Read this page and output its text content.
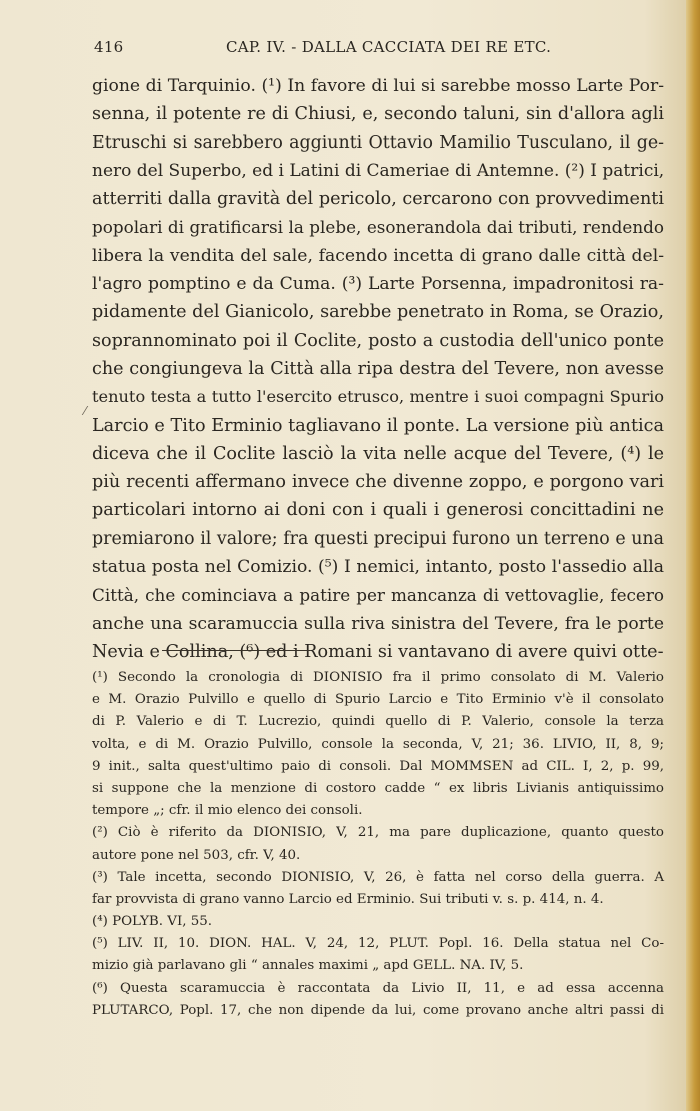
416	CAP. IV. - DALLA CACCIATA DEI RE ETC.
gione di Tarquinio. (¹) In favore di lui si sarebbe mosso Larte Por-
senna, il potente re di Chiusi, e, secondo taluni, sin d'allora agli
Etruschi si sarebbero aggiunti Ottavio Mamilio Tusculano, il ge-
nero del Superbo, ed i Latini di Cameriae di Antemne. (²) I patrici,
atterriti dalla gravità del pericolo, cercarono con provvedimenti
popolari di gratificarsi la plebe, esonerandola dai tributi, rendendo
libera la vendita del sale, facendo incetta di grano dalle città del-
l'agro pomptino e da Cuma. (³) Larte Porsenna, impadronitosi ra-
pidamente del Gianicolo, sarebbe penetrato in Roma, se Orazio,
soprannominato poi il Coclite, posto a custodia dell'unico ponte
che congiungeva la Città alla ripa destra del Tevere, non avesse
tenuto testa a tutto l'esercito etrusco, mentre i suoi compagni Spurio
Larcio e Tito Erminio tagliavano il ponte. La versione più antica
diceva che il Coclite lasciò la vita nelle acque del Tevere, (⁴) le
più recenti affermano invece che divenne zoppo, e porgono vari
particolari intorno ai doni con i quali i generosi concittadini ne
premiarono il valore; fra questi precipui furono un terreno e una
statua posta nel Comizio. (⁵) I nemici, intanto, posto l'assedio alla
Città, che cominciava a patire per mancanza di vettovaglie, fecero
anche una scaramuccia sulla riva sinistra del Tevere, fra le porte
Nevia e Collina, (⁶) ed i Romani si vantavano di avere quivi otte-
⁄
(¹) Secondo la cronologia di DIONISIO fra il primo consolato di M. Valerio
e M. Orazio Pulvillo e quello di Spurio Larcio e Tito Erminio v'è il consolato
di P. Valerio e di T. Lucrezio, quindi quello di P. Valerio, console la terza
volta, e di M. Orazio Pulvillo, console la seconda, V, 21; 36. LIVIO, II, 8, 9;
9 init., salta quest'ultimo paio di consoli. Dal MOMMSEN ad CIL. I, 2, p. 99,
si suppone che la menzione di costoro cadde “ ex libris Livianis antiquissimo
tempore „; cfr. il mio elenco dei consoli.
(²) Ciò è riferito da DIONISIO, V, 21, ma pare duplicazione, quanto questo
autore pone nel 503, cfr. V, 40.
(³) Tale incetta, secondo DIONISIO, V, 26, è fatta nel corso della guerra. A
far provvista di grano vanno Larcio ed Erminio. Sui tributi v. s. p. 414, n. 4.
(⁴) POLYB. VI, 55.
(⁵) LIV. II, 10. DION. HAL. V, 24, 12, PLUT. Popl. 16. Della statua nel Co-
mizio già parlavano gli “ annales maximi „ apd GELL. NA. IV, 5.
(⁶) Questa scaramuccia è raccontata da Livio II, 11, e ad essa accenna
PLUTARCO, Popl. 17, che non dipende da lui, come provano anche altri passi di
